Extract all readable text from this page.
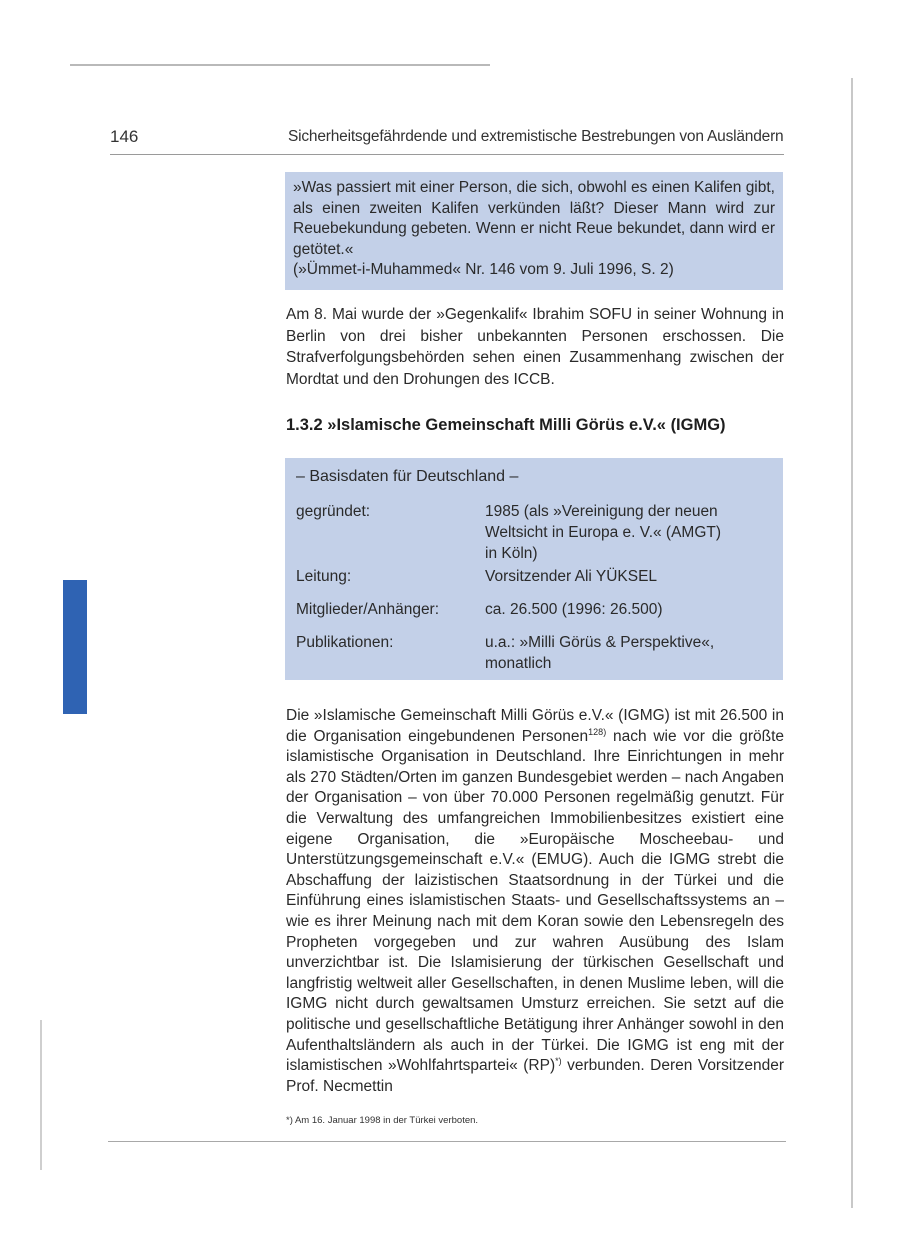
146	Sicherheitsgefährdende und extremistische Bestrebungen von Ausländern

»Was passiert mit einer Person, die sich, obwohl es einen Kalifen gibt, als einen zweiten Kalifen verkünden läßt? Dieser Mann wird zur Reuebekundung gebeten. Wenn er nicht Reue bekundet, dann wird er getötet.«

(»Ümmet-i-Muhammed« Nr. 146 vom 9. Juli 1996, S. 2)

Am 8. Mai wurde der »Gegenkalif« Ibrahim SOFU in seiner Wohnung in Berlin von drei bisher unbekannten Personen erschossen. Die Strafverfolgungsbehörden sehen einen Zusammenhang zwischen der Mordtat und den Drohungen des ICCB.

1.3.2 »Islamische Gemeinschaft Milli Görüs e.V.« (IGMG)
– Basisdaten für Deutschland –
gegründet:	1985 (als »Vereinigung der neuen
Weltsicht in Europa e. V.« (AMGT)
in Köln)
Leitung:	Vorsitzender Ali YÜKSEL
Mitglieder/Anhänger:	ca. 26.500 (1996: 26.500)
Publikationen:	u.a.: »Milli Görüs & Perspektive«,
monatlich

Die »Islamische Gemeinschaft Milli Görüs e.V.« (IGMG) ist mit 26.500 in die Organisation eingebundenen Personen$^{128)}$ nach wie vor die größte islamistische Organisation in Deutschland. Ihre Einrichtungen in mehr als 270 Städten/Orten im ganzen Bundesgebiet werden – nach Angaben der Organisation – von über 70.000 Personen regelmäßig genutzt. Für die Verwaltung des umfangreichen Immobilienbesitzes existiert eine eigene Organisation, die »Europäische Moscheebau- und Unterstützungsgemeinschaft e.V.« (EMUG). Auch die IGMG strebt die Abschaffung der laizistischen Staatsordnung in der Türkei und die Einführung eines islamistischen Staats- und Gesellschaftssystems an – wie es ihrer Meinung nach mit dem Koran sowie den Lebensregeln des Propheten vorgegeben und zur wahren Ausübung des Islam unverzichtbar ist. Die Islamisierung der türkischen Gesellschaft und langfristig weltweit aller Gesellschaften, in denen Muslime leben, will die IGMG nicht durch gewaltsamen Umsturz erreichen. Sie setzt auf die politische und gesellschaftliche Betätigung ihrer Anhänger sowohl in den Aufenthaltsländern als auch in der Türkei. Die IGMG ist eng mit der islamistischen »Wohlfahrtspartei« (RP)*) verbunden. Deren Vorsitzender Prof. Necmettin

*) Am 16. Januar 1998 in der Türkei verboten.
